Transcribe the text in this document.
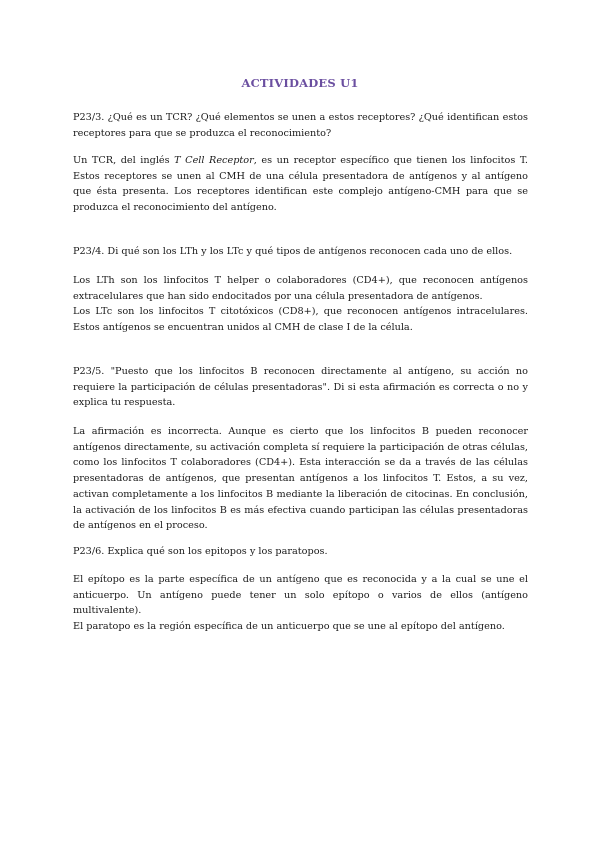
ACTIVIDADES U1
P23/3. ¿Qué es un TCR? ¿Qué elementos se unen a estos receptores? ¿Qué identifican estos receptores para que se produzca el reconocimiento?
Un TCR, del inglés T Cell Receptor, es un receptor específico que tienen los linfocitos T. Estos receptores se unen al CMH de una célula presentadora de antígenos y al antígeno que ésta presenta. Los receptores identifican este complejo antígeno-CMH para que se produzca el reconocimiento del antígeno.
P23/4. Di qué son los LTh y los LTc y qué tipos de antígenos reconocen cada uno de ellos.

Los LTh son los linfocitos T helper o colaboradores (CD4+), que reconocen antígenos extracelulares que han sido endocitados por una célula presentadora de antígenos.

Los LTc son los linfocitos T citotóxicos (CD8+), que reconocen antígenos intracelulares. Estos antígenos se encuentran unidos al CMH de clase I de la célula.

P23/5. "Puesto que los linfocitos B reconocen directamente al antígeno, su acción no requiere la participación de células presentadoras". Di si esta afirmación es correcta o no y explica tu respuesta.
La afirmación es incorrecta. Aunque es cierto que los linfocitos B pueden reconocer antígenos directamente, su activación completa sí requiere la participación de otras células, como los linfocitos T colaboradores (CD4+). Esta interacción se da a través de las células presentadoras de antígenos, que presentan antígenos a los linfocitos T. Estos, a su vez, activan completamente a los linfocitos B mediante la liberación de citocinas. En conclusión, la activación de los linfocitos B es más efectiva cuando participan las células presentadoras de antígenos en el proceso.
P23/6. Explica qué son los epitopos y los paratopos.

El epítopo es la parte específica de un antígeno que es reconocida y a la cual se une el anticuerpo. Un antígeno puede tener un solo epítopo o varios de ellos (antígeno multivalente).

El paratopo es la región específica de un anticuerpo que se une al epítopo del antígeno.
